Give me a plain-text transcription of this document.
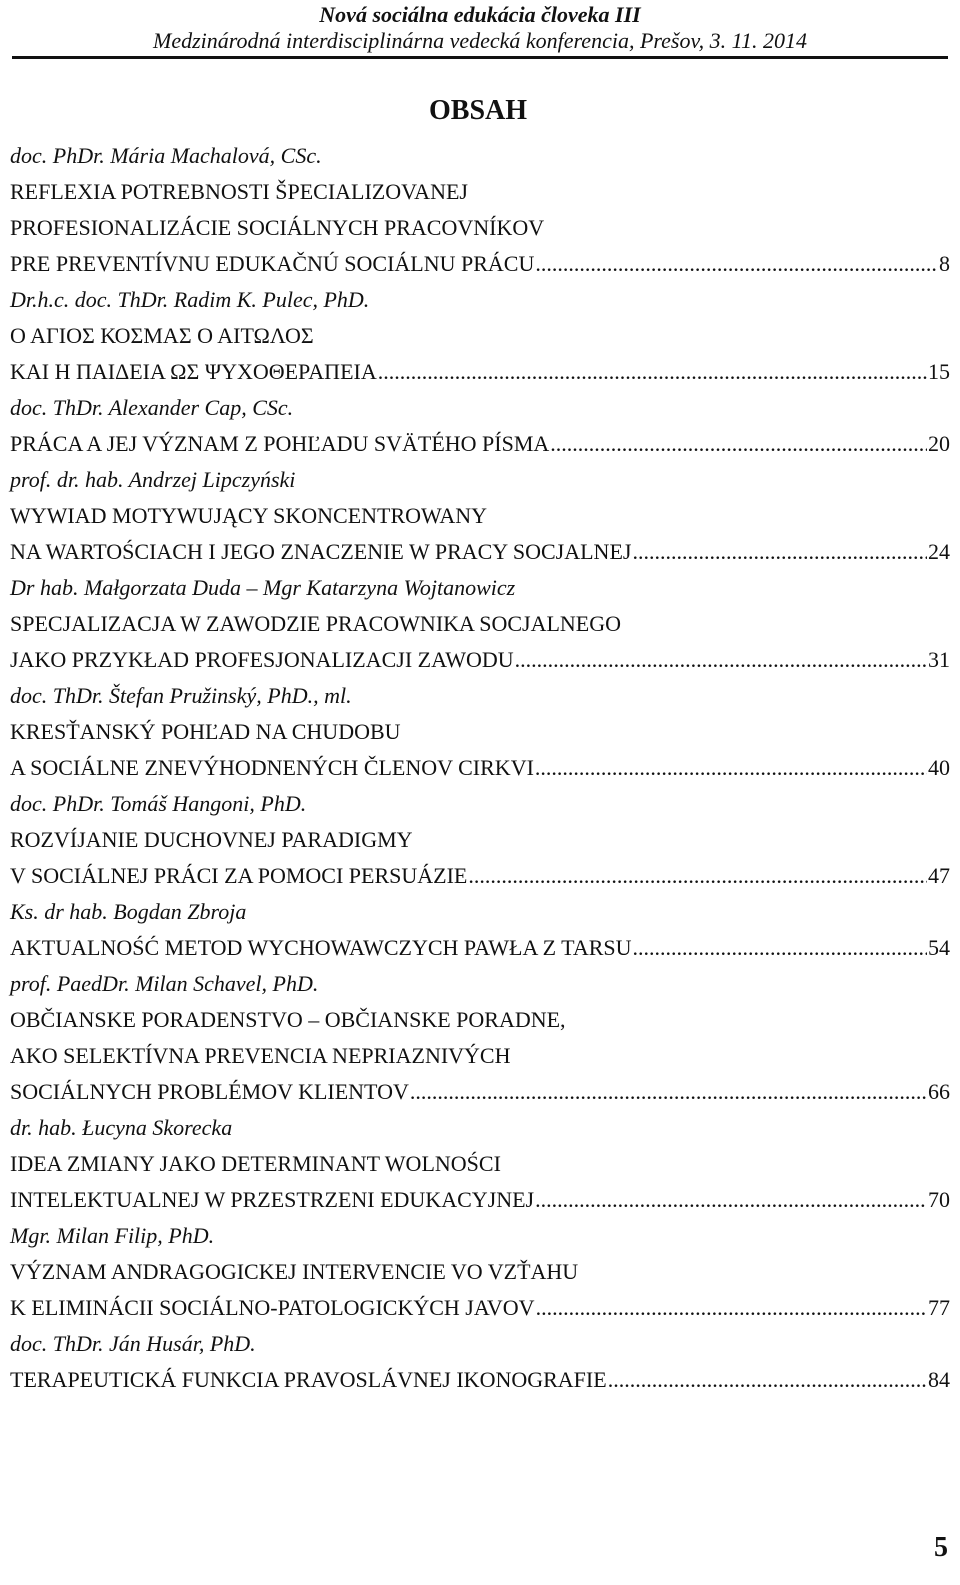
Nová sociálna edukácia človeka III
Medzinárodná interdisciplinárna vedecká konferencia, Prešov, 3. 11. 2014
OBSAH
doc. PhDr. Mária Machalová, CSc.
REFLEXIA POTREBNOSTI ŠPECIALIZOVANEJ
PROFESIONALIZÁCIE SOCIÁLNYCH PRACOVNÍKOV
PRE PREVENTÍVNU EDUKAČNÚ SOCIÁLNU PRÁCU .....	8
Dr.h.c. doc. ThDr. Radim K. Pulec, PhD.
Ο ΑΓΙΟΣ ΚΟΣΜΑΣ Ο ΑΙΤΩΛΟΣ
ΚΑΙ Η ΠΑΙΔΕΙΑ ΩΣ ΨΥΧΟΘΕΡΑΠΕΙΑ .....	15
doc. ThDr. Alexander Cap, CSc.
PRÁCA A JEJ VÝZNAM Z POHĽADU SVÄTÉHO PÍSMA .....	20
prof. dr. hab. Andrzej Lipczyński
WYWIAD MOTYWUJĄCY SKONCENTROWANY
NA WARTOŚCIACH I JEGO ZNACZENIE W PRACY SOCJALNEJ .....	24
Dr hab. Małgorzata Duda – Mgr Katarzyna Wojtanowicz
SPECJALIZACJA W ZAWODZIE PRACOWNIKA SOCJALNEGO
JAKO PRZYKŁAD PROFESJONALIZACJI ZAWODU .....	31
doc. ThDr. Štefan Pružinský, PhD., ml.
KRESŤANSKÝ POHĽAD NA CHUDOBU
A SOCIÁLNE ZNEVÝHODNENÝCH ČLENOV CIRKVI .....	40
doc. PhDr. Tomáš Hangoni, PhD.
ROZVÍJANIE DUCHOVNEJ PARADIGMY
V SOCIÁLNEJ PRÁCI ZA POMOCI PERSUÁZIE .....	47
Ks. dr hab. Bogdan Zbroja
AKTUALNOŚĆ METOD WYCHOWAWCZYCH PAWŁA Z TARSU .....	54
prof. PaedDr. Milan Schavel, PhD.
OBČIANSKE PORADENSTVO – OBČIANSKE PORADNE,
AKO SELEKTÍVNA PREVENCIA NEPRIAZNIVÝCH
SOCIÁLNYCH PROBLÉMOV KLIENTOV .....	66
dr. hab. Łucyna Skorecka
IDEA ZMIANY JAKO DETERMINANT WOLNOŚCI
INTELEKTUALNEJ W PRZESTRZENI EDUKACYJNEJ .....	70
Mgr. Milan Filip, PhD.
VÝZNAM ANDRAGOGICKEJ INTERVENCIE VO VZŤAHU
K ELIMINÁCII SOCIÁLNO-PATOLOGICKÝCH JAVOV .....	77
doc. ThDr. Ján Husár, PhD.
TERAPEUTICKÁ FUNKCIA PRAVOSLÁVNEJ IKONOGRAFIE .....	84
5
